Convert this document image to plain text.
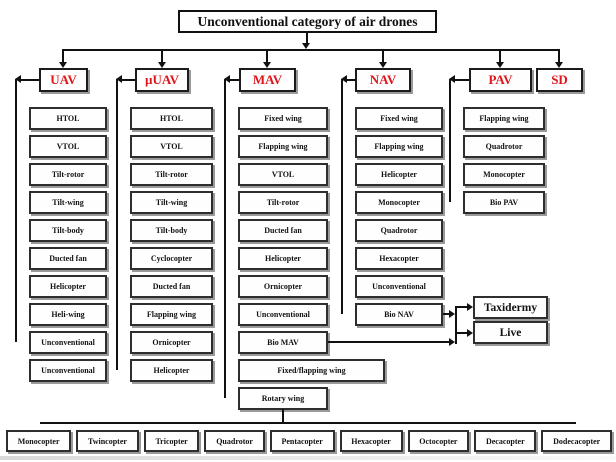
Unconventional category of air drones
UAV	µUAV	MAV	NAV	PAV	SD
HTOL
VTOL
Tilt-rotor
Tilt-wing
Tilt-body
Ducted fan
Helicopter
Heli-wing
Unconventional
HTOL
VTOL
Tilt-rotor
Tilt-wing
Tilt-body
Cyclocopter
Ducted fan
Flapping wing
Ornicopter
Helicopter
Fixed wing
Flapping wing
VTOL
Tilt-rotor
Ducted fan
Helicopter
Ornicopter
Unconventional
Bio MAV
Fixed/flapping wing
Rotary wing
Fixed wing
Flapping wing
Helicopter
Monocopter
Quadrotor
Hexacopter
Unconventional
Bio NAV
Flapping wing
Quadrotor
Monocopter
Bio PAV
Unconventional
Taxidermy
Live
Monocopter	Twincopter	Tricopter	Quadrotor	Pentacopter	Hexacopter	Octocopter	Decacopter	Dodecacopter
